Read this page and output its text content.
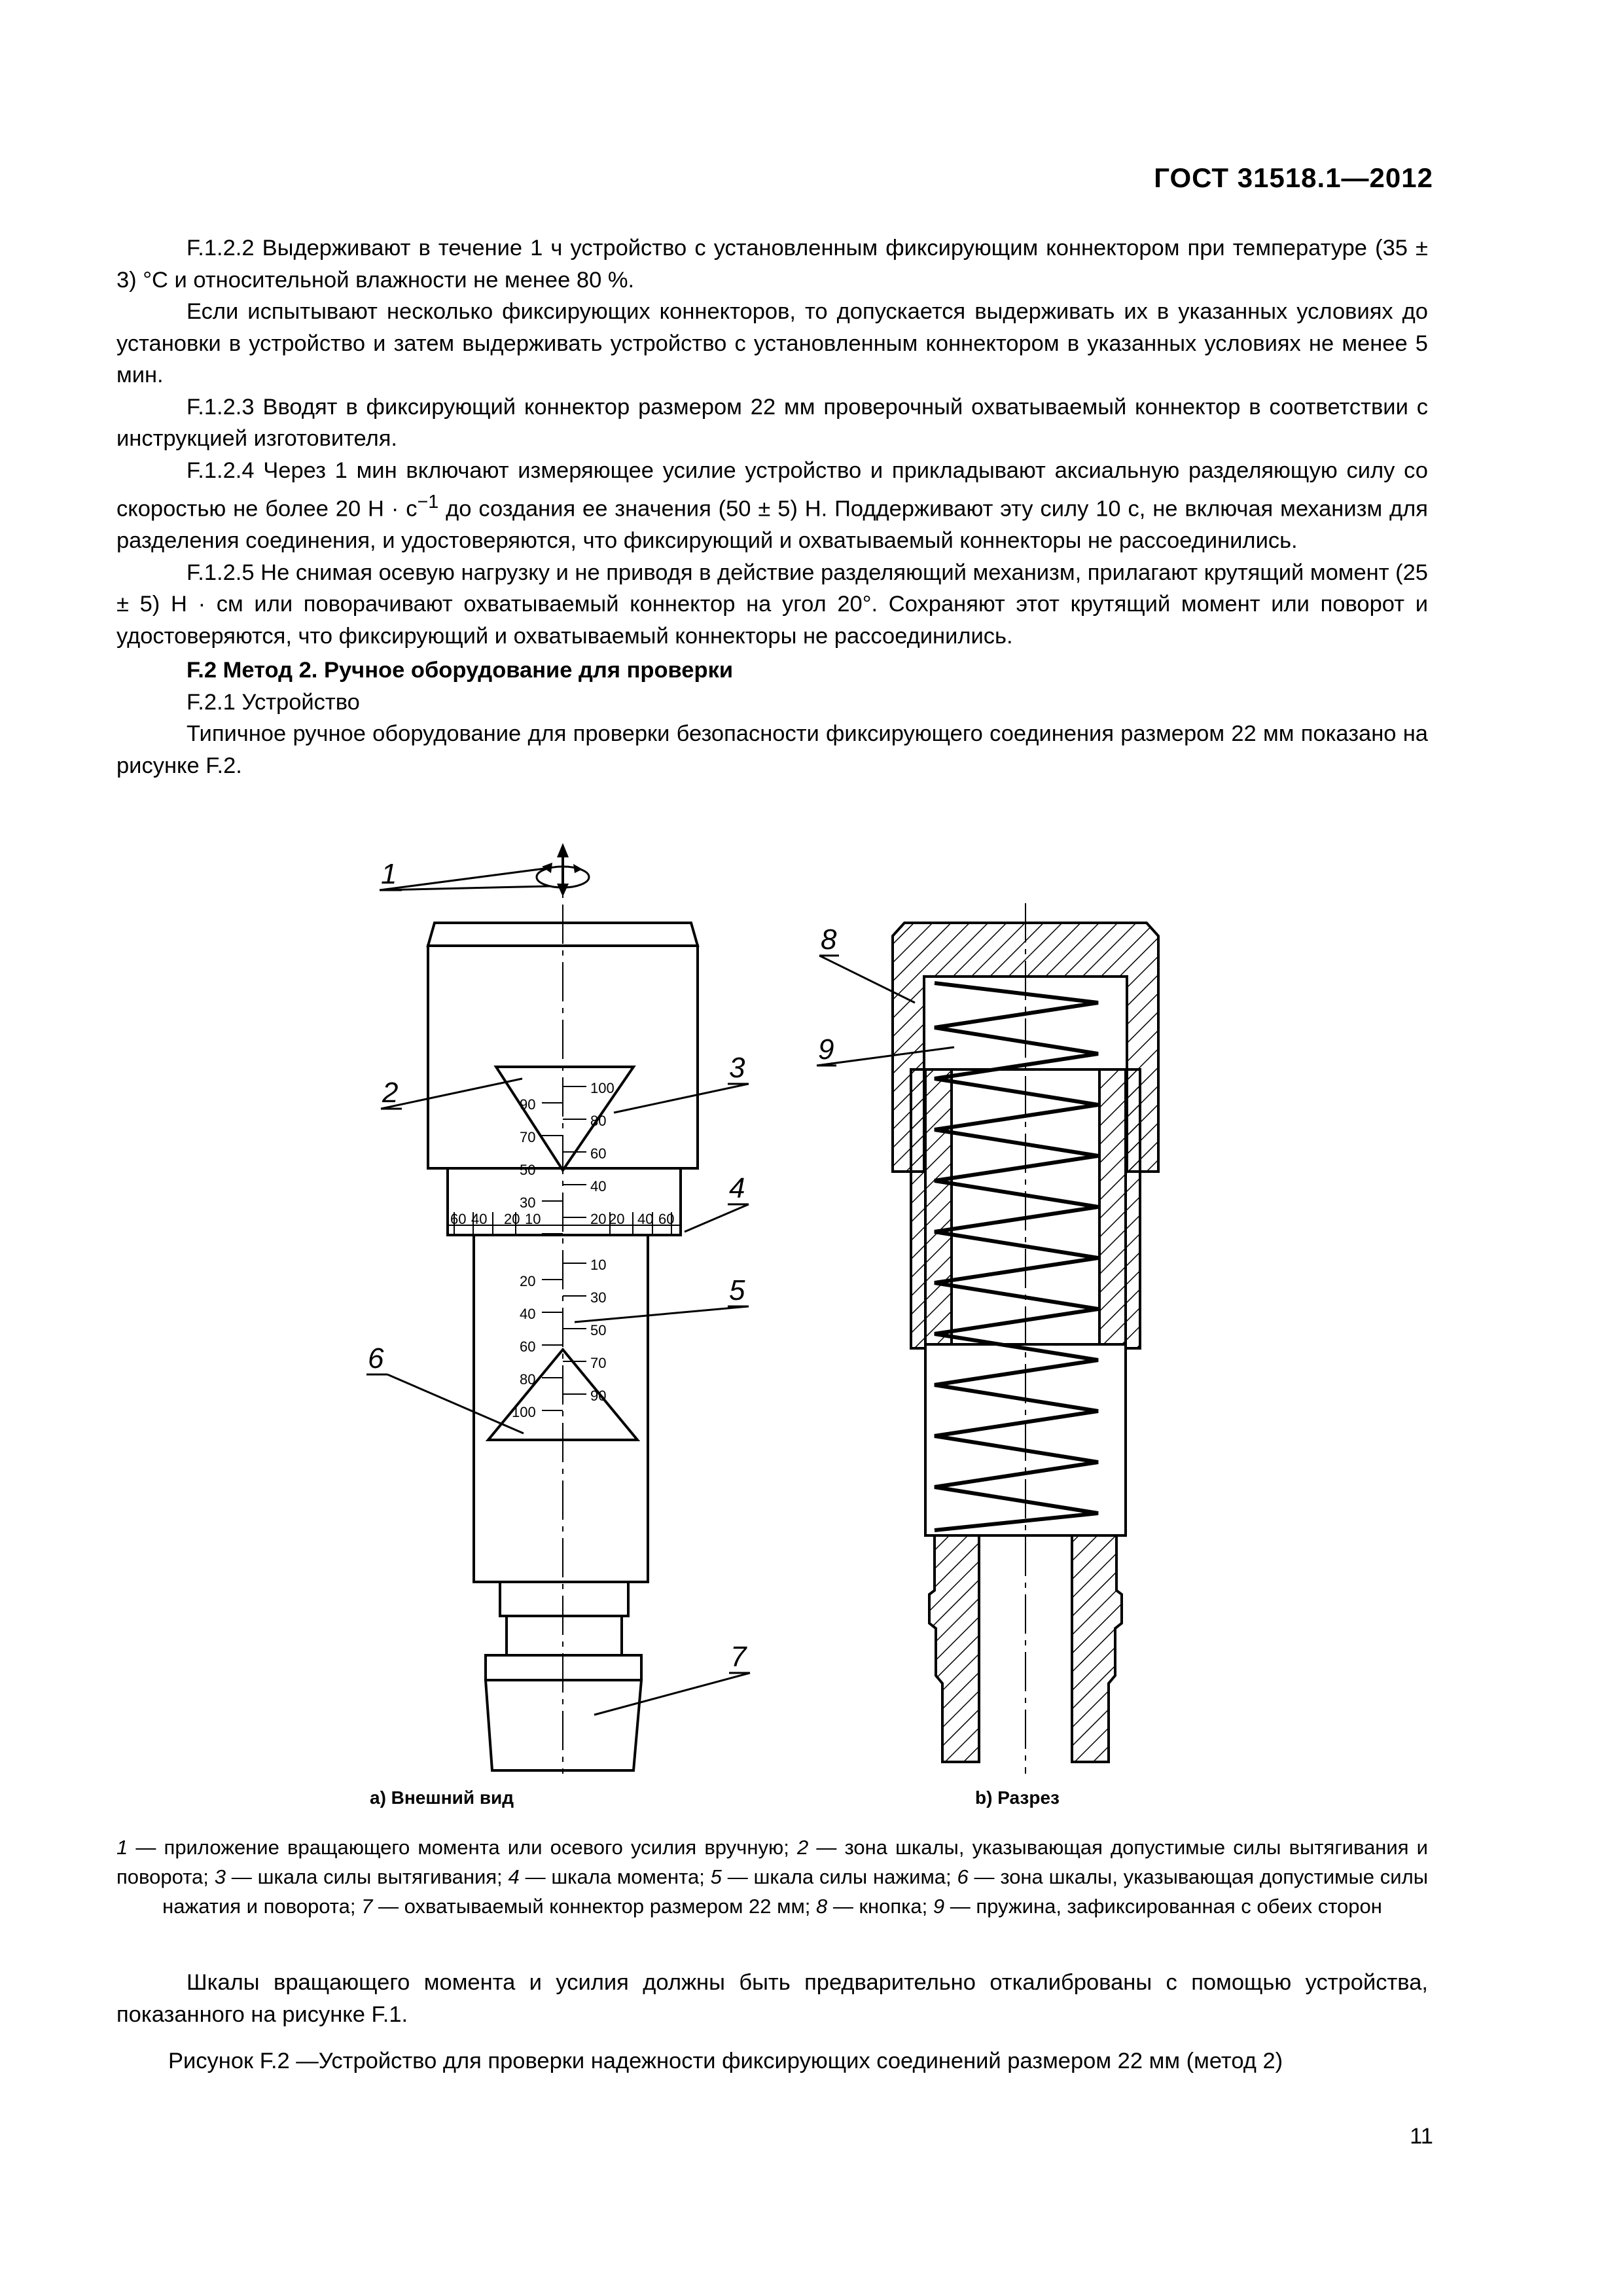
ГОСТ 31518.1—2012

F.1.2.2 Выдерживают в течение 1 ч устройство с установленным фиксирующим коннектором при температуре (35 ± 3) °С и относительной влажности не менее 80 %.

Если испытывают несколько фиксирующих коннекторов, то допускается выдерживать их в указанных условиях до установки в устройство и затем выдерживать устройство с установленным коннектором в указанных условиях не менее 5 мин.

F.1.2.3 Вводят в фиксирующий коннектор размером 22 мм проверочный охватываемый коннектор в соответствии с инструкцией изготовителя.

F.1.2.4 Через 1 мин включают измеряющее усилие устройство и прикладывают аксиальную разделяющую силу со скоростью не более 20 $Н \cdot с^{-1}$ до создания ее значения (50 ± 5) Н. Поддерживают эту силу 10 с, не включая механизм для разделения соединения, и удостоверяются, что фиксирующий и охватываемый коннекторы не рассоединились.

F.1.2.5 Не снимая осевую нагрузку и не приводя в действие разделяющий механизм, прилагают крутящий момент (25 ± 5) Н · см или поворачивают охватываемый коннектор на угол 20°. Сохраняют этот крутящий момент или поворот и удостоверяются, что фиксирующий и охватываемый коннекторы не рассоединились.

F.2 Метод 2. Ручное оборудование для проверки

F.2.1 Устройство

Типичное ручное оборудование для проверки безопасности фиксирующего соединения размером 22 мм показано на рисунке F.2.

1
2
3
4
5
6
7
100
90
80
70
60
50
40
60 40 20
30
20
10	20 40 60
10
20
30
40
50
60
70
80
90
100
8
9
a) Внешний вид	b) Разрез
1 — приложение вращающего момента или осевого усилия вручную; 2 — зона шкалы, указывающая допустимые силы вытягивания и поворота; 3 — шкала силы вытягивания; 4 — шкала момента; 5 — шкала силы нажима; 6 — зона шкалы, указывающая допустимые силы нажатия и поворота; 7 — охватываемый коннектор размером 22 мм; 8 — кнопка; 9 — пружина, зафиксированная с обеих сторон
Шкалы вращающего момента и усилия должны быть предварительно откалиброваны с помощью устройства, показанного на рисунке F.1.
Рисунок F.2 —Устройство для проверки надежности фиксирующих соединений размером 22 мм (метод 2)
11
